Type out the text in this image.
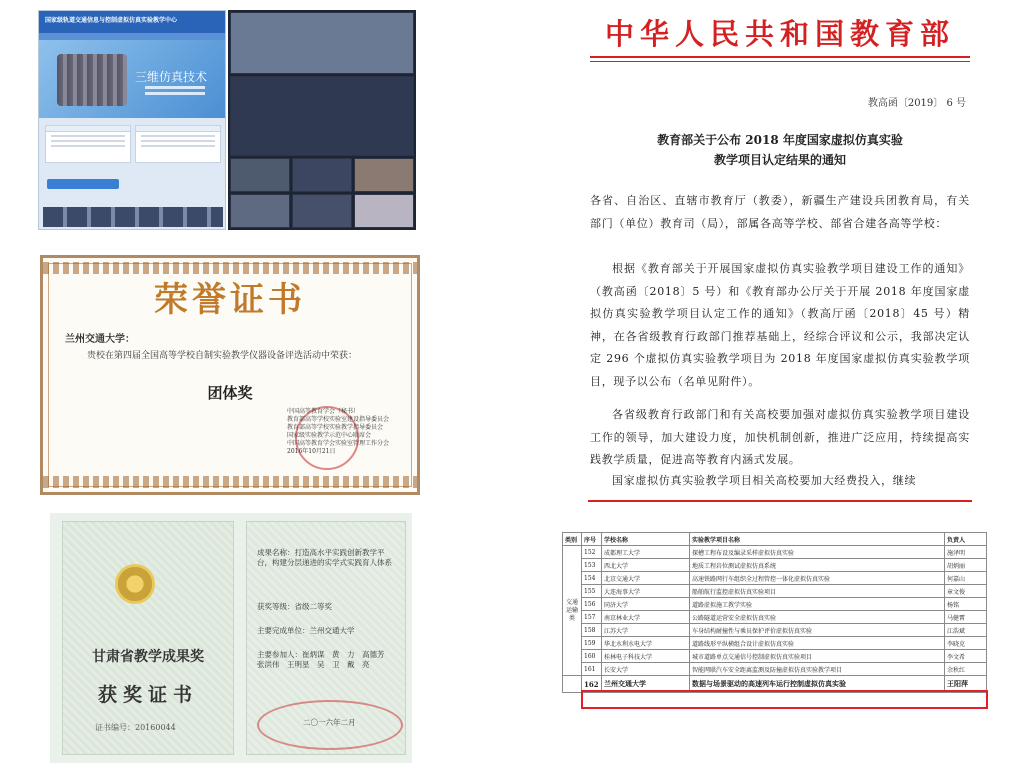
国家级轨道交通信息与控制虚拟仿真实验教学中心
三维仿真技术
荣誉证书
兰州交通大学：
贵校在第四届全国高等学校自制实验教学仪器设备评选活动中荣获：
团体奖
中国高等教育学会（秘书）
教育部高等学校实验室建设指导委员会
教育部高等学校实验教学指导委员会
国家级实验教学示范中心联席会
中国高等教育学会实验室管理工作分会
2016年10月21日
甘肃省教学成果奖
获奖证书
证书编号：20160044
成果名称：打造高水平实践创新教学平台，构建分层递进的实学式实践育人体系
获奖等级：省级二等奖
主要完成单位：兰州交通大学
主要参加人：崔炳谋　黄　力　高德芳　张洪伟　王明星　吴　卫　戴　亮
二〇一六年二月
中华人民共和国教育部
教高函〔2019〕 6 号
教育部关于公布 2018 年度国家虚拟仿真实验
教学项目认定结果的通知
各省、自治区、直辖市教育厅（教委），新疆生产建设兵团教育局，有关部门（单位）教育司（局），部属各高等学校、部省合建各高等学校：
根据《教育部关于开展国家虚拟仿真实验教学项目建设工作的通知》（教高函〔2018〕5 号）和《教育部办公厅关于开展 2018 年度国家虚拟仿真实验教学项目认定工作的通知》（教高厅函〔2018〕45 号）精神，在各省级教育行政部门推荐基础上，经综合评议和公示，我部决定认定 296 个虚拟仿真实验教学项目为 2018 年度国家虚拟仿真实验教学项目，现予以公布（名单见附件）。
各省级教育行政部门和有关高校要加强对虚拟仿真实验教学项目建设工作的领导，加大建设力度，加快机制创新，推进广泛应用，持续提高实践教学质量，促进高等教育内涵式发展。
国家虚拟仿真实验教学项目相关高校要加大经费投入，继续
类别	序号	学校名称	实验教学项目名称	负责人
交通运输类	152	成都理工大学	探槽工程布设及编录采样虚拟仿真实验	施泽明
	153	西北大学	地质工程岩位测试虚拟仿真系统	胡炳丽
	154	北京交通大学	高速铁路网行车组织全过程管控一体化虚拟仿真实验	何嘉山
	155	大连海事大学	船舶航行监控虚拟仿真实验项目	章文俊
	156	同济大学	道路虚拟施工教学实验	杨铭
	157	南京林业大学	公路隧道运营安全虚拟仿真实验	马健霄
	158	江苏大学	车身结构耐撞性与乘员保护评价虚拟仿真实验	江浩斌
	159	华北水利水电大学	道路线形平纵横组合设计虚拟仿真实验	李晓克
	160	桂林电子科技大学	城市道路单点交通信号控制虚拟仿真实验项目	李文希
	161	长安大学	智能网联汽车安全距离监测及防撞虚拟仿真实验教学项目	余秋红
	162	兰州交通大学	数据与场景驱动的高速列车运行控制虚拟仿真实验	王阳萍
